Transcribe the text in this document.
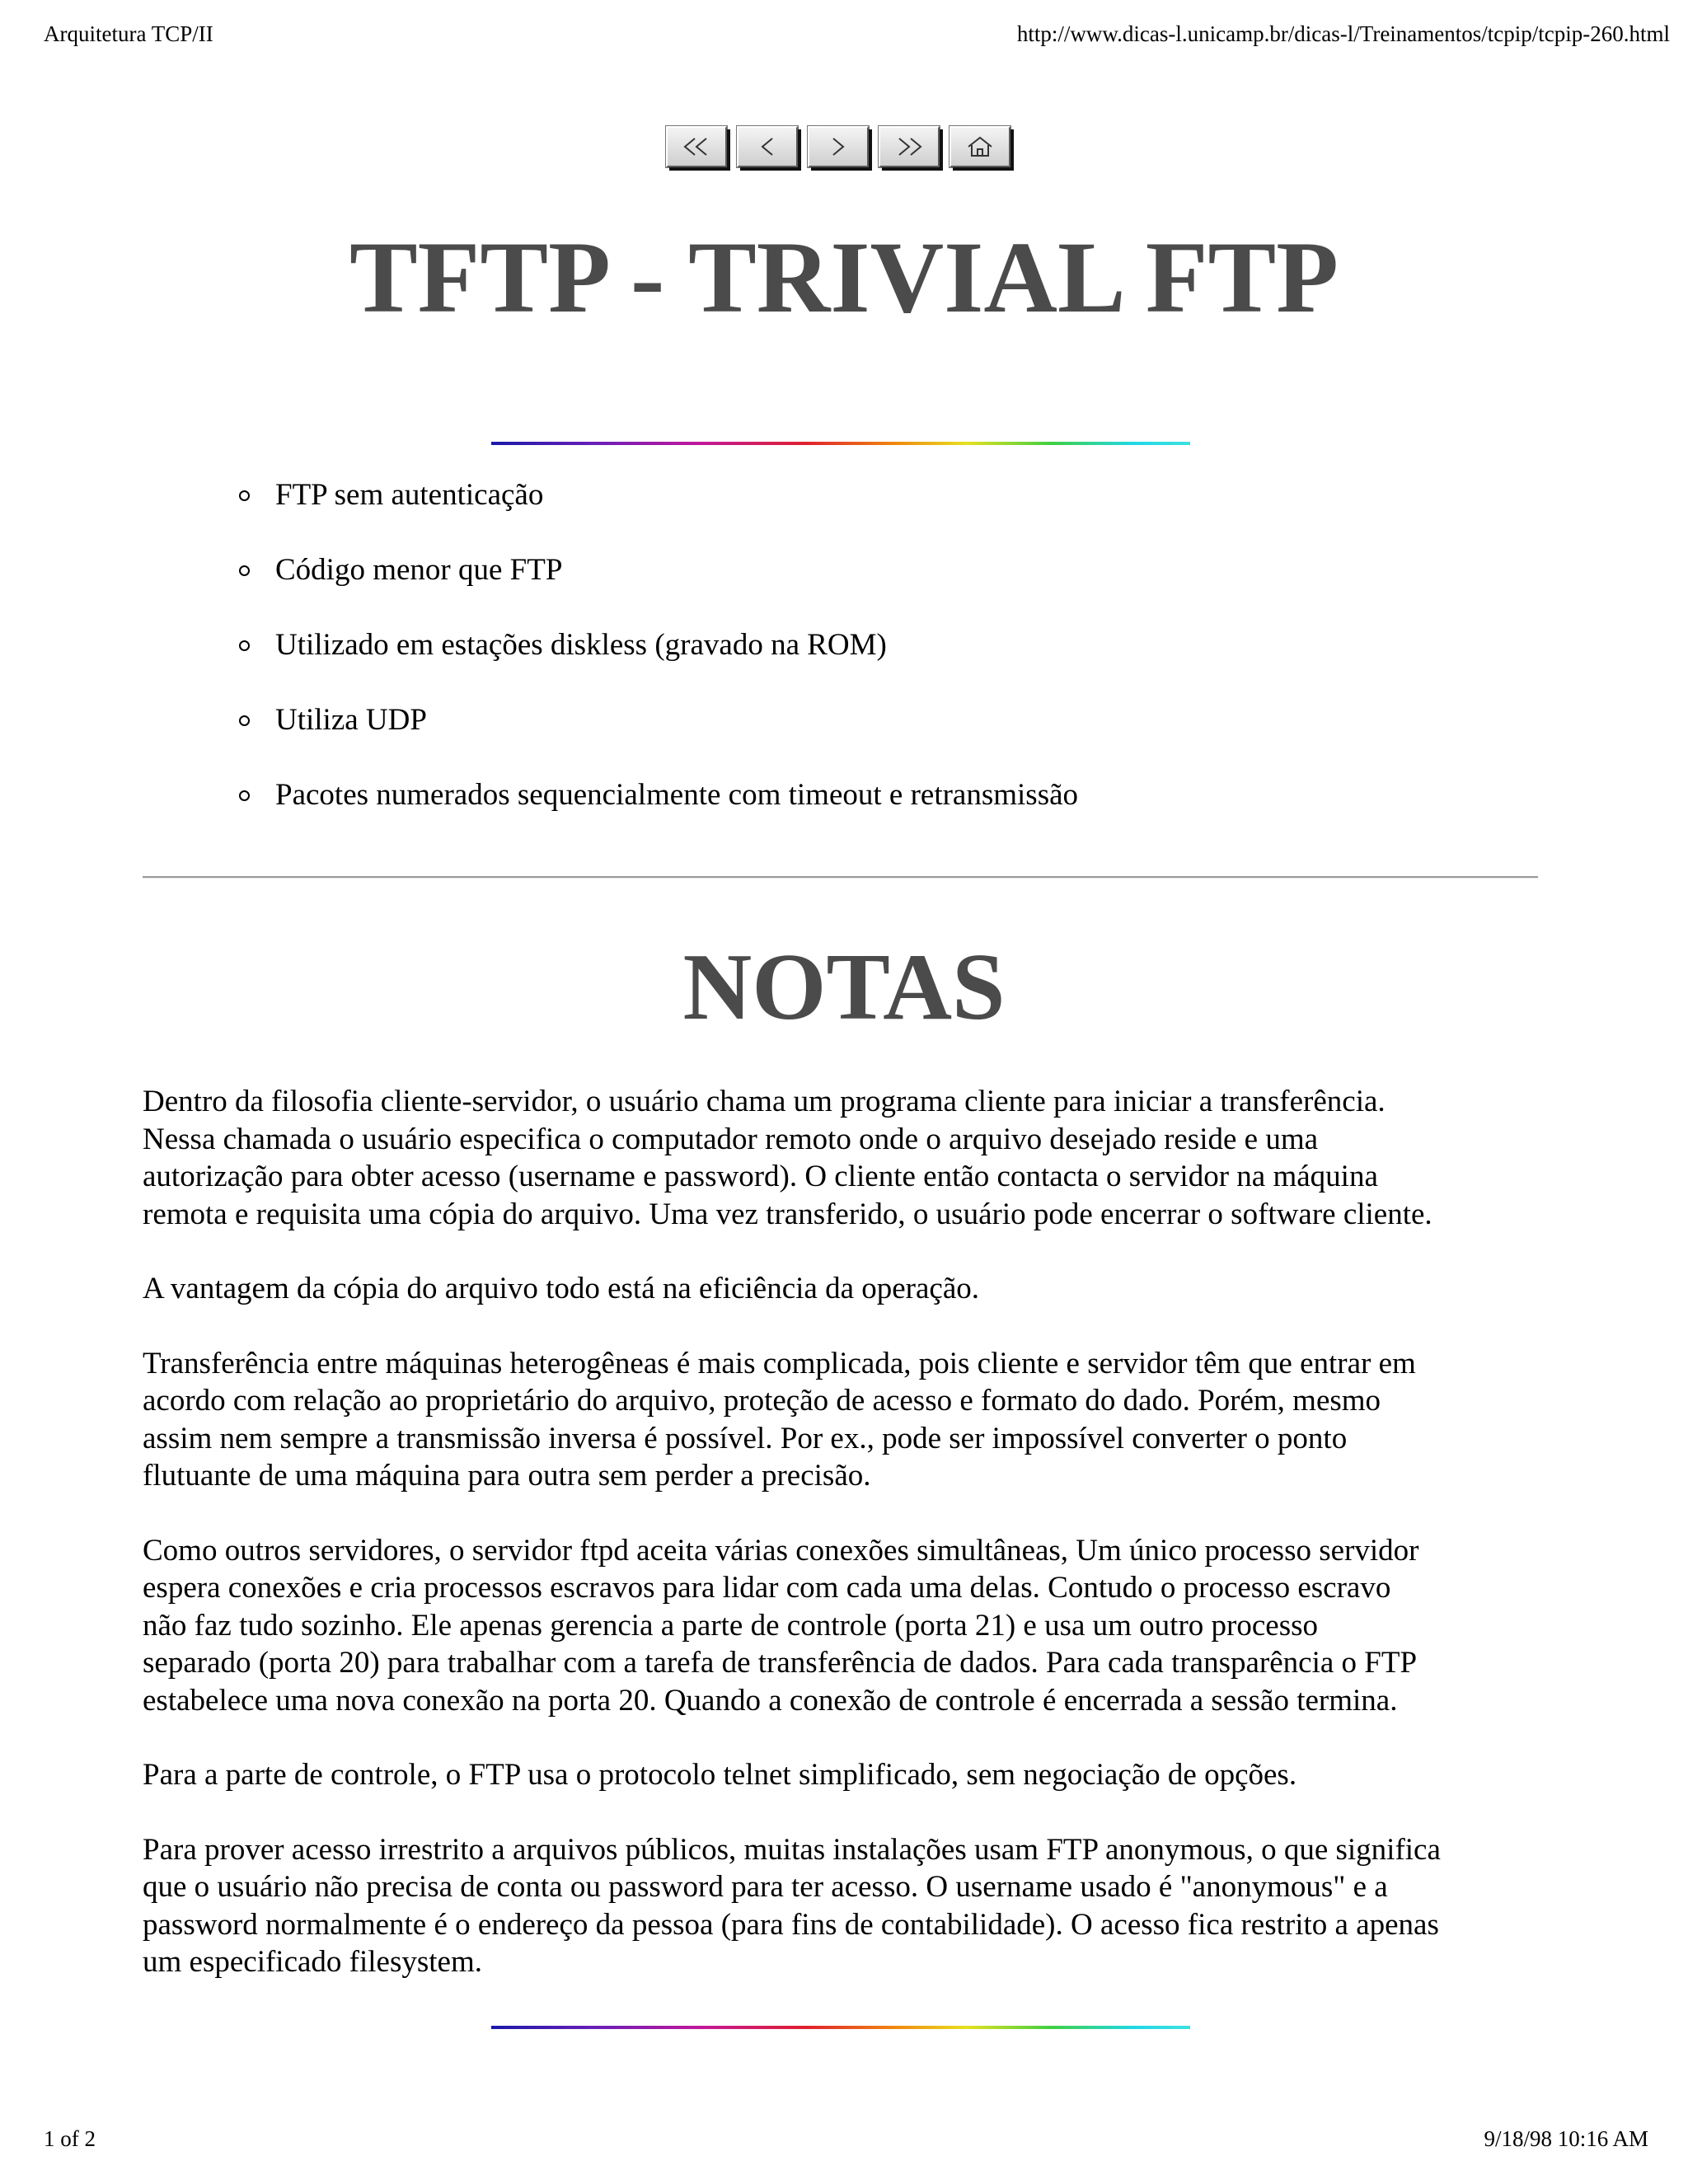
Arquitetura TCP/II	http://www.dicas-l.unicamp.br/dicas-l/Treinamentos/tcpip/tcpip-260.html
TFTP - TRIVIAL FTP
FTP sem autenticação
Código menor que FTP
Utilizado em estações diskless (gravado na ROM)
Utiliza UDP
Pacotes numerados sequencialmente com timeout e retransmissão
NOTAS

Dentro da filosofia cliente-servidor, o usuário chama um programa cliente para iniciar a transferência.
Nessa chamada o usuário especifica o computador remoto onde o arquivo desejado reside e uma
autorização para obter acesso (username e password). O cliente então contacta o servidor na máquina
remota e requisita uma cópia do arquivo. Uma vez transferido, o usuário pode encerrar o software cliente.

A vantagem da cópia do arquivo todo está na eficiência da operação.

Transferência entre máquinas heterogêneas é mais complicada, pois cliente e servidor têm que entrar em
acordo com relação ao proprietário do arquivo, proteção de acesso e formato do dado. Porém, mesmo
assim nem sempre a transmissão inversa é possível. Por ex., pode ser impossível converter o ponto
flutuante de uma máquina para outra sem perder a precisão.

Como outros servidores, o servidor ftpd aceita várias conexões simultâneas, Um único processo servidor
espera conexões e cria processos escravos para lidar com cada uma delas. Contudo o processo escravo
não faz tudo sozinho. Ele apenas gerencia a parte de controle (porta 21) e usa um outro processo
separado (porta 20) para trabalhar com a tarefa de transferência de dados. Para cada transparência o FTP
estabelece uma nova conexão na porta 20. Quando a conexão de controle é encerrada a sessão termina.

Para a parte de controle, o FTP usa o protocolo telnet simplificado, sem negociação de opções.

Para prover acesso irrestrito a arquivos públicos, muitas instalações usam FTP anonymous, o que significa
que o usuário não precisa de conta ou password para ter acesso. O username usado é "anonymous" e a
password normalmente é o endereço da pessoa (para fins de contabilidade). O acesso fica restrito a apenas
um especificado filesystem.

1 of 2	9/18/98 10:16 AM
